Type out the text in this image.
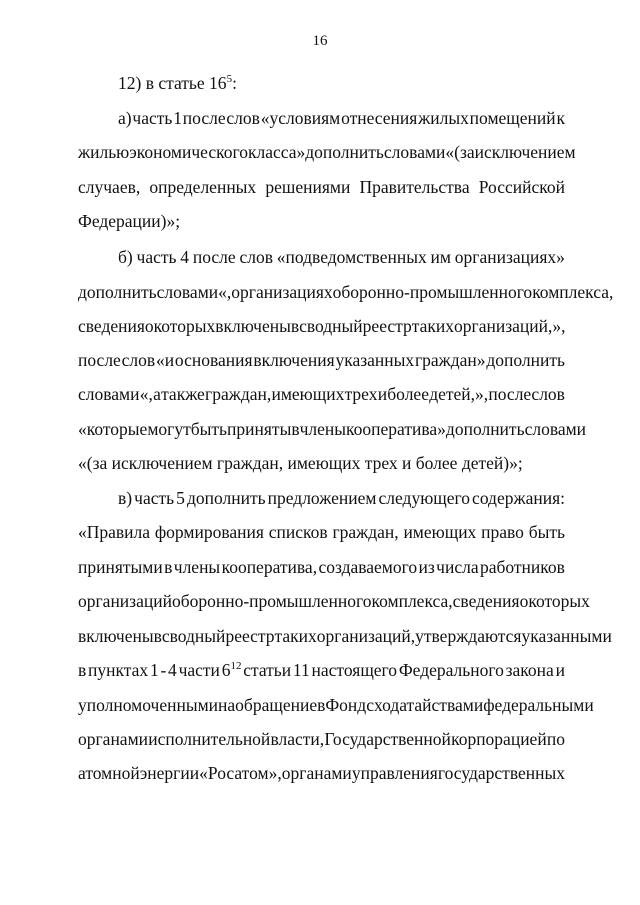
16
12) в статье $16^5$:
а) часть 1 после слов «условиям отнесения жилых помещений к
жилью экономического класса» дополнить словами «(за исключением
случаев, определенных решениями Правительства Российской
Федерации)»;
б) часть 4 после слов «подведомственных им организациях»
дополнить словами «, организациях оборонно-промышленного комплекса,
сведения о которых включены в сводный реестр таких организаций,»,
после слов «и основания включения указанных граждан» дополнить
словами «, а также граждан, имеющих трех и более детей,», после слов
«которые могут быть приняты в члены кооператива» дополнить словами
«(за исключением граждан, имеющих трех и более детей)»;
в) часть 5 дополнить предложением следующего содержания:
«Правила формирования списков граждан, имеющих право быть
принятыми в члены кооператива, создаваемого из числа работников
организаций оборонно-промышленного комплекса, сведения о которых
включены в сводный реестр таких организаций, утверждаются указанными
в пунктах 1 - 4 части $6^{12}$ статьи 11 настоящего Федерального закона и
уполномоченными на обращение в Фонд с ходатайствами федеральными
органами исполнительной власти, Государственной корпорацией по
атомной энергии «Росатом», органами управления государственных
